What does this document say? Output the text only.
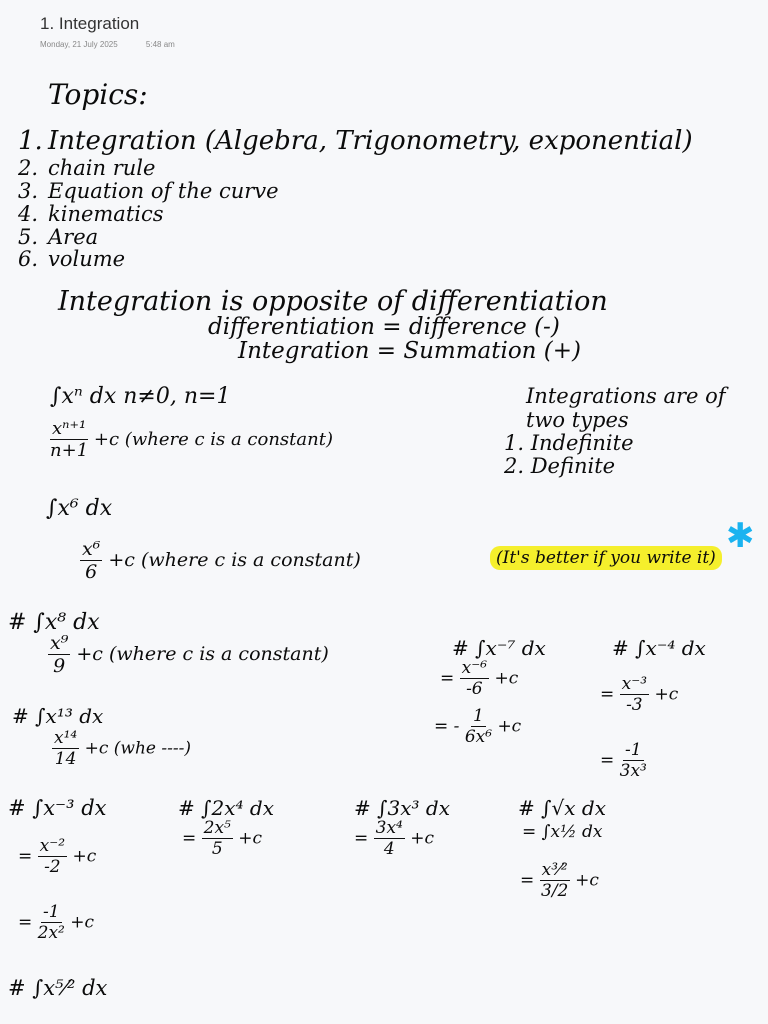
1. Integration
Monday, 21 July 2025	5:48 am
Topics:
1. Integration (Algebra, Trigonometry, exponential)
2. chain rule
3. Equation of the curve
4. kinematics
5. Area
6. volume
Integration is opposite of differentiation
differentiation = difference (-)
Integration = Summation (+)
∫xⁿ dx n≠0, n=1
$\frac{\text{xⁿ⁺¹}}{n+1} +c$ (where c is a constant)
Integrations are of
two types
1. Indefinite
2. Definite
∫x⁶ dx
$\frac{\text{x⁶}}{6} +c$ (where c is a constant)	(It's better if you write it)
✱
# ∫x⁸ dx
$\frac{\text{x⁹}}{9} +c$ (where c is a constant)	# ∫x⁻⁷ dx
= $\frac{\text{x⁻⁶}}{-6} +c$
= - $\frac{1}{\text{6x⁶}} +c$
# ∫x⁻⁴ dx
= $\frac{\text{x⁻³}}{-3} +c$
= $\frac{-1}{\text{3x³}}$
# ∫x¹³ dx
$\frac{\text{x¹⁴}}{14} +c$ (whe ----)
# ∫x⁻³ dx
= $\frac{\text{x⁻²}}{-2} +c$
= $\frac{-1}{\text{2x²}} +c$
# ∫2x⁴ dx
= $\frac{\text{2x⁵}}{5} +c$
# ∫3x³ dx
= $\frac{\text{3x⁴}}{4} +c$
# ∫√x dx
= ∫x½ dx
= $\frac{\text{x³⁄²}}{3/2} +c$
# ∫x⁵⁄² dx
